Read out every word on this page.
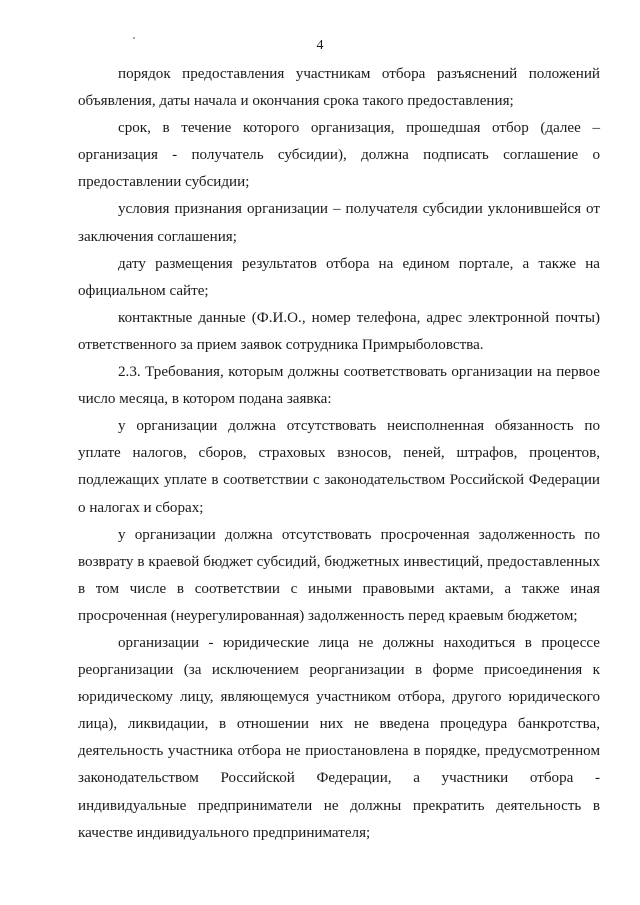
4

порядок предоставления участникам отбора разъяснений положений объявления, даты начала и окончания срока такого предоставления;

срок, в течение которого организация, прошедшая отбор (далее – организация - получатель субсидии), должна подписать соглашение о предоставлении субсидии;

условия признания организации – получателя субсидии уклонившейся от заключения соглашения;

дату размещения результатов отбора на едином портале, а также на официальном сайте;

контактные данные (Ф.И.О., номер телефона, адрес электронной почты) ответственного за прием заявок сотрудника Примрыболовства.

2.3. Требования, которым должны соответствовать организации на первое число месяца, в котором подана заявка:

у организации должна отсутствовать неисполненная обязанность по уплате налогов, сборов, страховых взносов, пеней, штрафов, процентов, подлежащих уплате в соответствии с законодательством Российской Федерации о налогах и сборах;

у организации должна отсутствовать просроченная задолженность по возврату в краевой бюджет субсидий, бюджетных инвестиций, предоставленных в том числе в соответствии с иными правовыми актами, а также иная просроченная (неурегулированная) задолженность перед краевым бюджетом;

организации - юридические лица не должны находиться в процессе реорганизации (за исключением реорганизации в форме присоединения к юридическому лицу, являющемуся участником отбора, другого юридического лица), ликвидации, в отношении них не введена процедура банкротства, деятельность участника отбора не приостановлена в порядке, предусмотренном законодательством Российской Федерации, а участники отбора - индивидуальные предприниматели не должны прекратить деятельность в качестве индивидуального предпринимателя;
